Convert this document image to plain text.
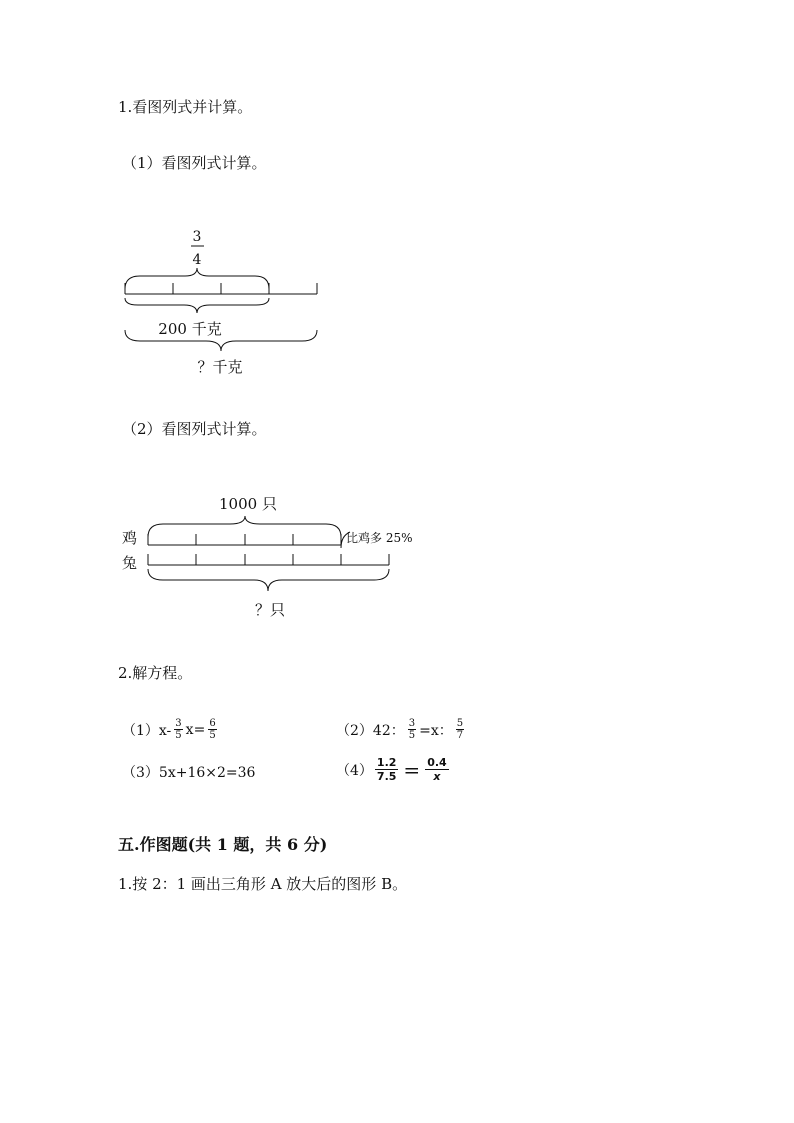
1.看图列式并计算。
（1）看图列式计算。
3
4
200 千克
？千克
（2）看图列式计算。
1000 只
鸡	比鸡多 25%
兔
？只
2.解方程。
$(1)x- \frac{3}{5} x= \frac{6}{5}$	（2）42： $\frac{3}{5} =x$： $\frac{5}{7}$
（3）5x+16×2=36	$(4) \frac{1.2}{7.5} = \frac{0.4}{x}$
五.作图题(共 1 题，共 6 分)
1.按 2：1 画出三角形 A 放大后的图形 B。
